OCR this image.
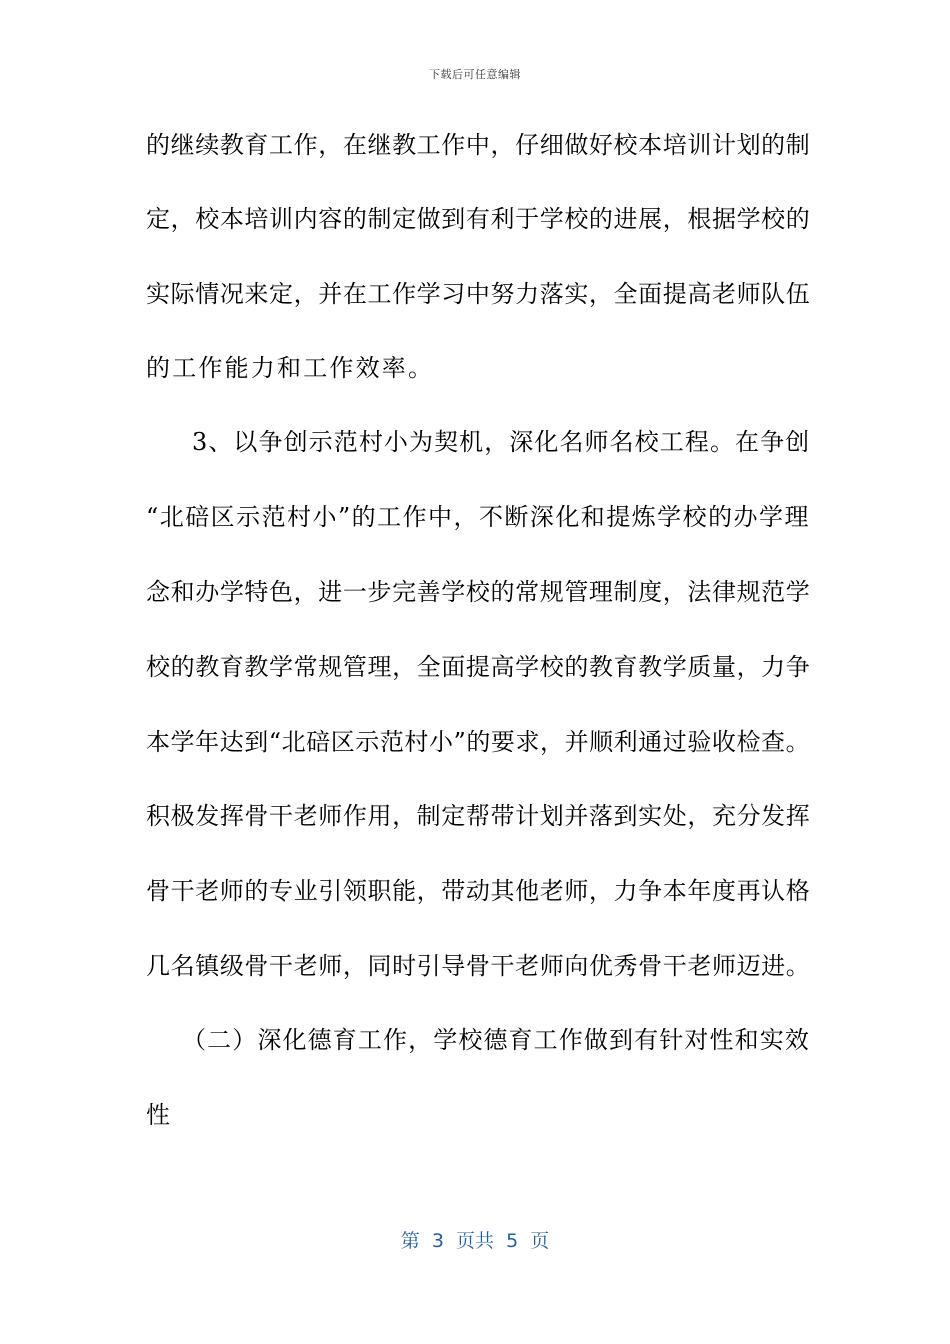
下载后可任意编辑
的继续教育工作，在继教工作中，仔细做好校本培训计划的制
定，校本培训内容的制定做到有利于学校的进展，根据学校的
实际情况来定，并在工作学习中努力落实，全面提高老师队伍
的工作能力和工作效率。
3、以争创示范村小为契机，深化名师名校工程。在争创
“北碚区示范村小”的工作中，不断深化和提炼学校的办学理
念和办学特色，进一步完善学校的常规管理制度，法律规范学
校的教育教学常规管理，全面提高学校的教育教学质量，力争
本学年达到“北碚区示范村小”的要求，并顺利通过验收检查。
积极发挥骨干老师作用，制定帮带计划并落到实处，充分发挥
骨干老师的专业引领职能，带动其他老师，力争本年度再认格
几名镇级骨干老师，同时引导骨干老师向优秀骨干老师迈进。
（二）深化德育工作，学校德育工作做到有针对性和实效
性
第  3  页共  5  页
